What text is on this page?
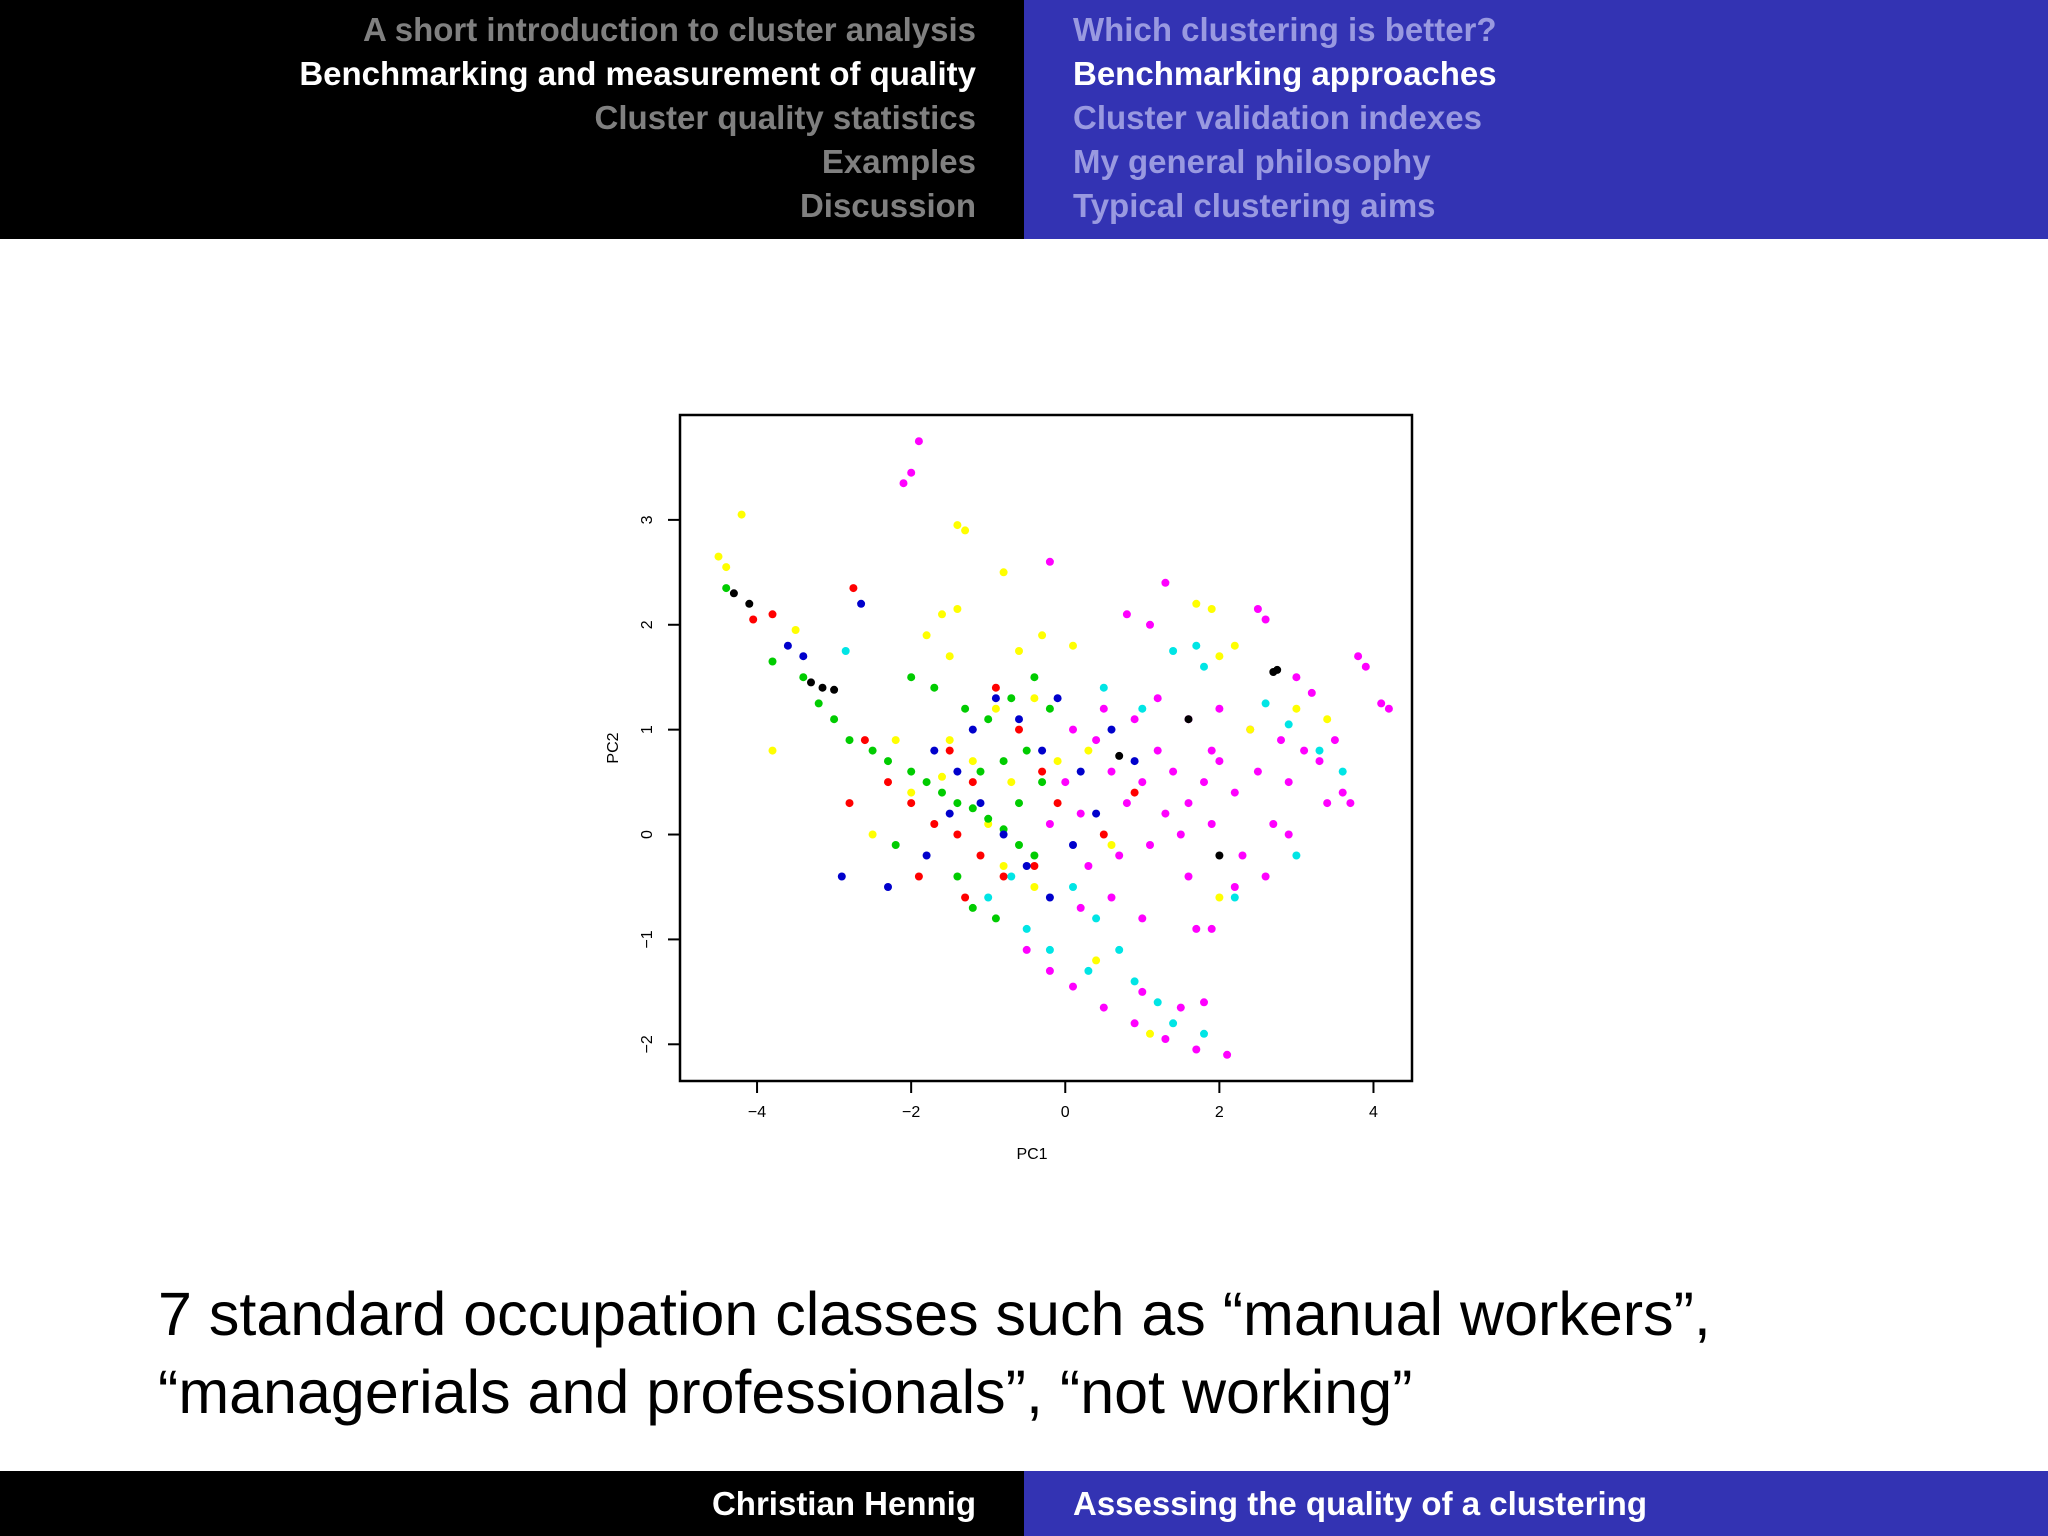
A short introduction to cluster analysis
Benchmarking and measurement of quality
Cluster quality statistics
Examples
Discussion
Which clustering is better?
Benchmarking approaches
Cluster validation indexes
My general philosophy
Typical clustering aims
−4	−2	0	2	4
−2
−1
0
1
2
3
PC1
PC2
7 standard occupation classes such as “manual workers”,
“managerials and professionals”, “not working”
Christian Hennig	Assessing the quality of a clustering
